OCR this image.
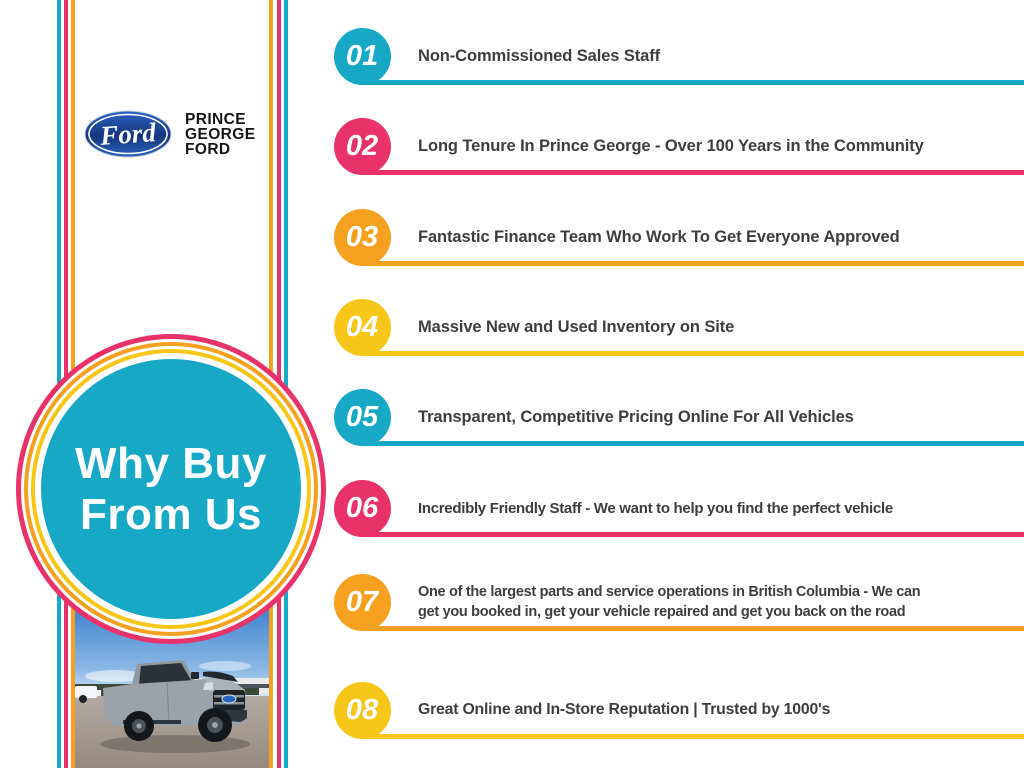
Ford PRINCE
GEORGE
FORD
Why Buy
From Us
01	Non-Commissioned Sales Staff
02	Long Tenure In Prince George - Over 100 Years in the Community
03	Fantastic Finance Team Who Work To Get Everyone Approved
04	Massive New and Used Inventory on Site
05	Transparent, Competitive Pricing Online For All Vehicles
06	Incredibly Friendly Staff - We want to help you find the perfect vehicle
07	One of the largest parts and service operations in British Columbia - We can
get you booked in, get your vehicle repaired and get you back on the road
08	Great Online and In-Store Reputation | Trusted by 1000's
